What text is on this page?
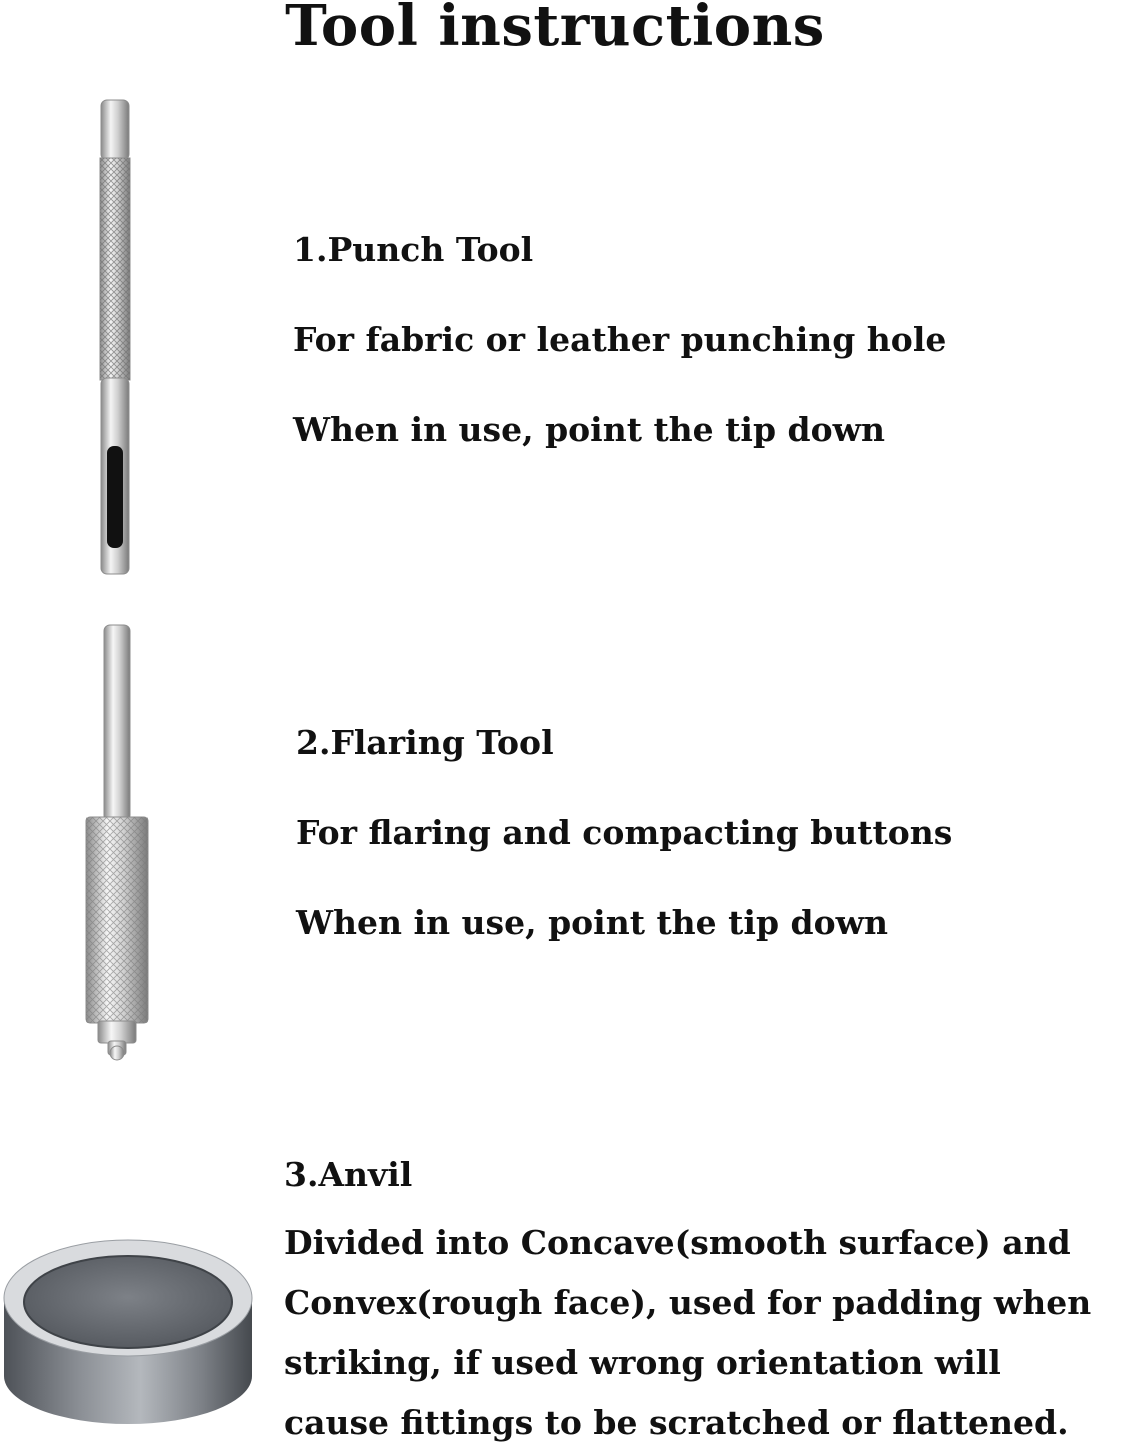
Tool instructions
1.Punch Tool
For fabric or leather punching hole
When in use, point the tip down
2.Flaring Tool
For flaring and compacting buttons
When in use, point the tip down
3.Anvil
Divided into Concave(smooth surface) and
Convex(rough face), used for padding when
striking, if used wrong orientation will
cause fittings to be scratched or flattened.
